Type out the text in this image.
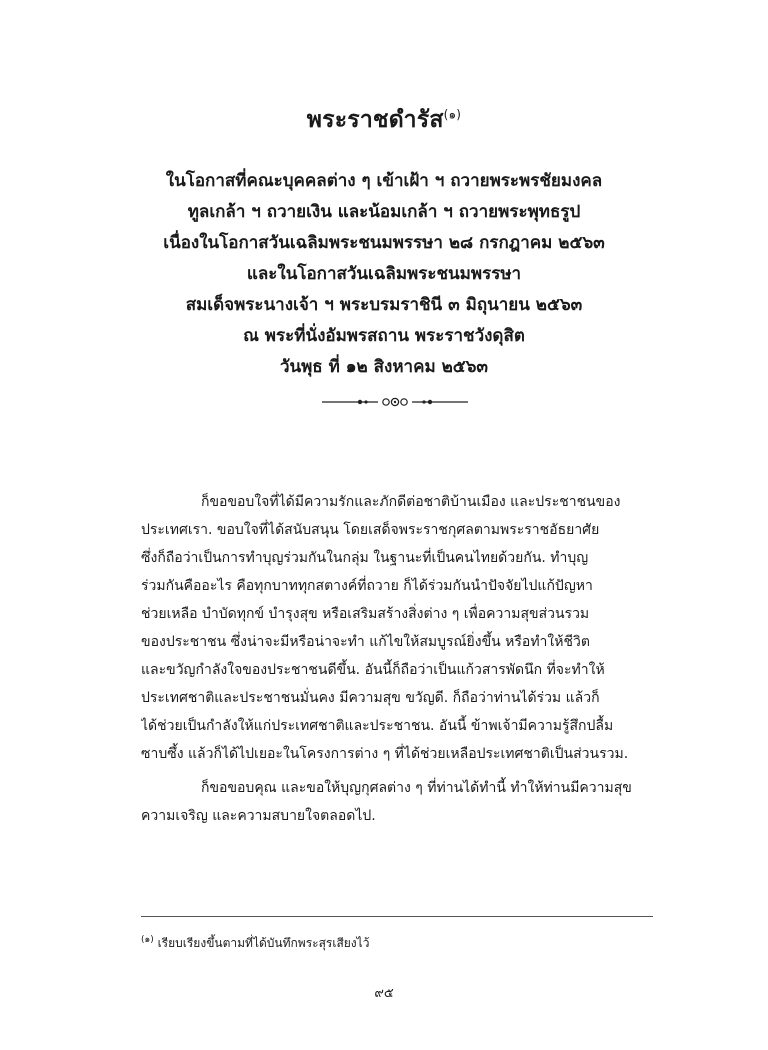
พระราชดำรัส$^{(๑)}$
ในโอกาสที่คณะบุคคลต่าง ๆ เข้าเฝ้า ฯ ถวายพระพรชัยมงคล
ทูลเกล้า ฯ ถวายเงิน และน้อมเกล้า ฯ ถวายพระพุทธรูป
เนื่องในโอกาสวันเฉลิมพระชนมพรรษา ๒๘ กรกฎาคม ๒๕๖๓
และในโอกาสวันเฉลิมพระชนมพรรษา
สมเด็จพระนางเจ้า ฯ พระบรมราชินี ๓ มิถุนายน ๒๕๖๓
ณ พระที่นั่งอัมพรสถาน พระราชวังดุสิต
วันพุธ ที่ ๑๒ สิงหาคม ๒๕๖๓
ก็ขอขอบใจที่ได้มีความรักและภักดีต่อชาติบ้านเมือง และประชาชนของ
ประเทศเรา. ขอบใจที่ได้สนับสนุน โดยเสด็จพระราชกุศลตามพระราชอัธยาศัย
ซึ่งก็ถือว่าเป็นการทำบุญร่วมกันในกลุ่ม ในฐานะที่เป็นคนไทยด้วยกัน. ทำบุญ
ร่วมกันคืออะไร คือทุกบาททุกสตางค์ที่ถวาย ก็ได้ร่วมกันนำปัจจัยไปแก้ปัญหา
ช่วยเหลือ บำบัดทุกข์ บำรุงสุข หรือเสริมสร้างสิ่งต่าง ๆ เพื่อความสุขส่วนรวม
ของประชาชน ซึ่งน่าจะมีหรือน่าจะทำ แก้ไขให้สมบูรณ์ยิ่งขึ้น หรือทำให้ชีวิต
และขวัญกำลังใจของประชาชนดีขึ้น. อันนี้ก็ถือว่าเป็นแก้วสารพัดนึก ที่จะทำให้
ประเทศชาติและประชาชนมั่นคง มีความสุข ขวัญดี. ก็ถือว่าท่านได้ร่วม แล้วก็
ได้ช่วยเป็นกำลังให้แก่ประเทศชาติและประชาชน. อันนี้ ข้าพเจ้ามีความรู้สึกปลื้ม
ซาบซึ้ง แล้วก็ได้ไปเยอะในโครงการต่าง ๆ ที่ได้ช่วยเหลือประเทศชาติเป็นส่วนรวม.
ก็ขอขอบคุณ และขอให้บุญกุศลต่าง ๆ ที่ท่านได้ทำนี้ ทำให้ท่านมีความสุข
ความเจริญ และความสบายใจตลอดไป.
$^{(๑)}$ เรียบเรียงขึ้นตามที่ได้บันทึกพระสุรเสียงไว้
๙๕
